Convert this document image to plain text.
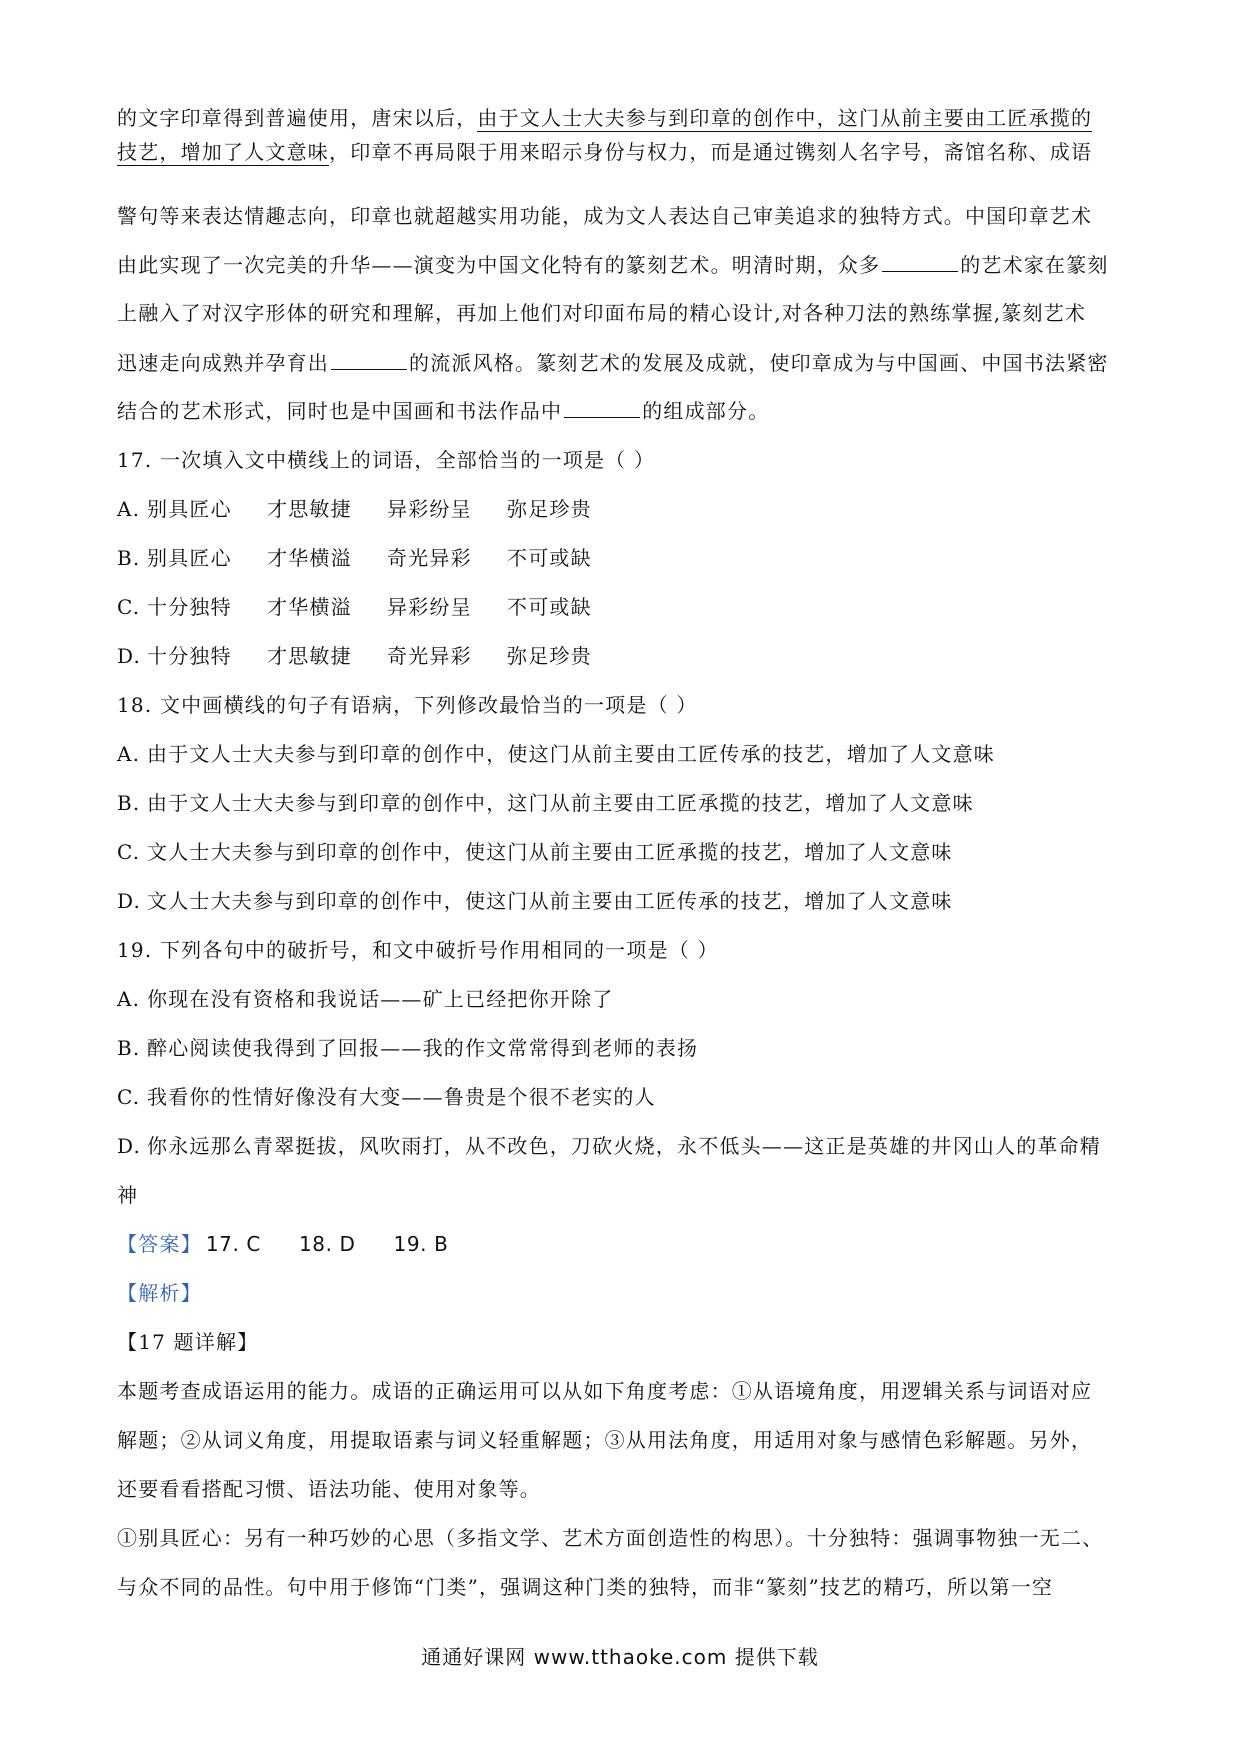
的文字印章得到普遍使用，唐宋以后，由于文人士大夫参与到印章的创作中，这门从前主要由工匠承揽的
技艺，增加了人文意味，印章不再局限于用来昭示身份与权力，而是通过镌刻人名字号，斋馆名称、成语
警句等来表达情趣志向，印章也就超越实用功能，成为文人表达自己审美追求的独特方式。中国印章艺术
由此实现了一次完美的升华——演变为中国文化特有的篆刻艺术。明清时期，众多	的艺术家在篆刻
上融入了对汉字形体的研究和理解，再加上他们对印面布局的精心设计,对各种刀法的熟练掌握,篆刻艺术
迅速走向成熟并孕育出	的流派风格。篆刻艺术的发展及成就，使印章成为与中国画、中国书法紧密
结合的艺术形式，同时也是中国画和书法作品中	的组成部分。
17. 一次填入文中横线上的词语，全部恰当的一项是（ ）
A. 别具匠心 才思敏捷 异彩纷呈 弥足珍贵
B. 别具匠心 才华横溢 奇光异彩 不可或缺
C. 十分独特 才华横溢 异彩纷呈 不可或缺
D. 十分独特 才思敏捷 奇光异彩 弥足珍贵
18. 文中画横线的句子有语病，下列修改最恰当的一项是（ ）
A. 由于文人士大夫参与到印章的创作中，使这门从前主要由工匠传承的技艺，增加了人文意味
B. 由于文人士大夫参与到印章的创作中，这门从前主要由工匠承揽的技艺，增加了人文意味
C. 文人士大夫参与到印章的创作中，使这门从前主要由工匠承揽的技艺，增加了人文意味
D. 文人士大夫参与到印章的创作中，使这门从前主要由工匠传承的技艺，增加了人文意味
19. 下列各句中的破折号，和文中破折号作用相同的一项是（ ）
A. 你现在没有资格和我说话——矿上已经把你开除了
B. 醉心阅读使我得到了回报——我的作文常常得到老师的表扬
C. 我看你的性情好像没有大变——鲁贵是个很不老实的人
D. 你永远那么青翠挺拔，风吹雨打，从不改色，刀砍火烧，永不低头——这正是英雄的井冈山人的革命精
神
【答案】 17. C 18. D 19. B
【解析】
【17 题详解】
本题考查成语运用的能力。成语的正确运用可以从如下角度考虑：①从语境角度，用逻辑关系与词语对应
解题；②从词义角度，用提取语素与词义轻重解题；③从用法角度，用适用对象与感情色彩解题。另外，
还要看看搭配习惯、语法功能、使用对象等。
①别具匠心：另有一种巧妙的心思（多指文学、艺术方面创造性的构思）。十分独特：强调事物独一无二、
与众不同的品性。句中用于修饰“门类”，强调这种门类的独特，而非“篆刻”技艺的精巧，所以第一空
通通好课网 www.tthaoke.com 提供下载
